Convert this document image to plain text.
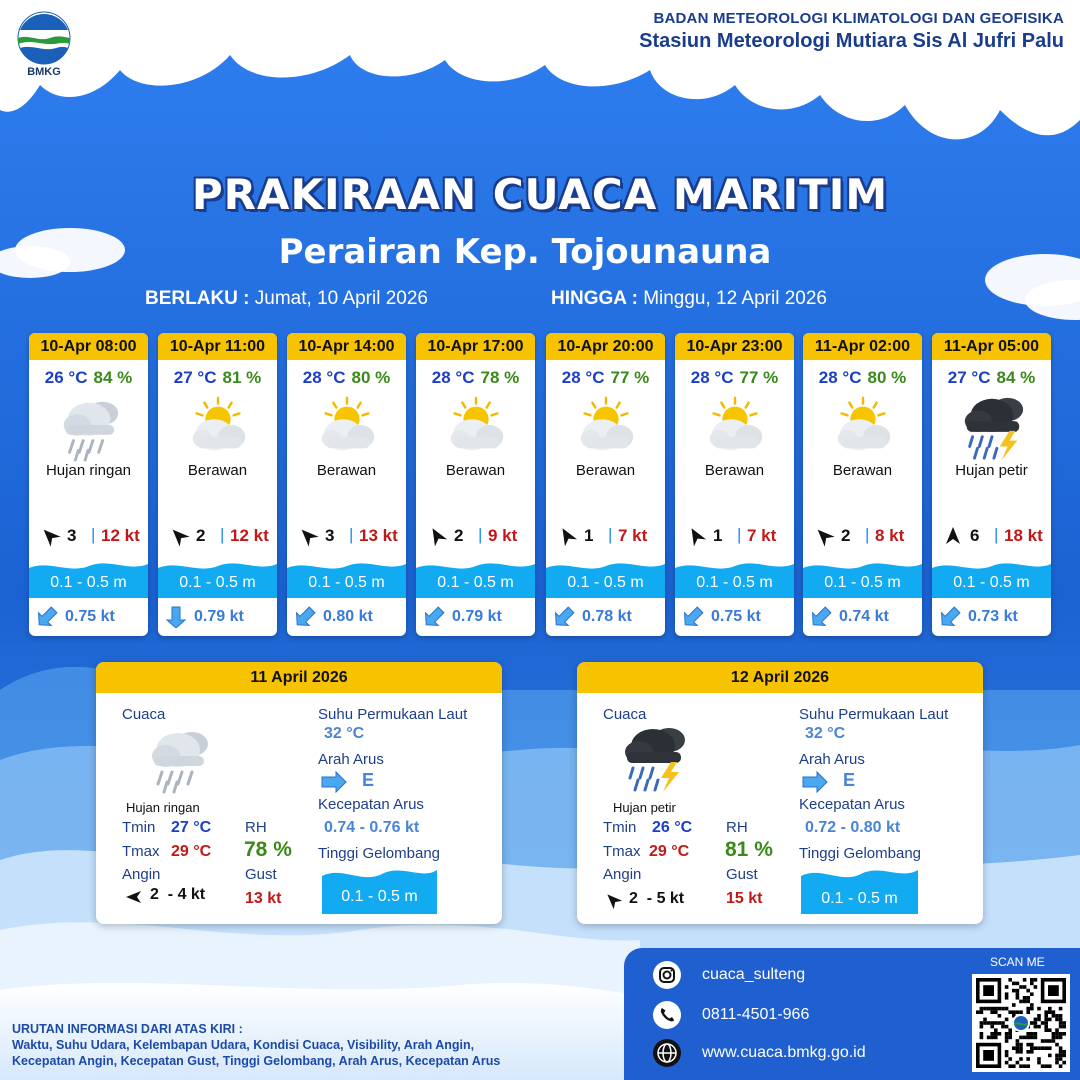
BMKG
BADAN METEOROLOGI KLIMATOLOGI DAN GEOFISIKA
Stasiun Meteorologi Mutiara Sis Al Jufri Palu
PRAKIRAAN CUACA MARITIM
Perairan Kep. Tojounauna
BERLAKU : Jumat, 10 April 2026	HINGGA : Minggu, 12 April 2026
10-Apr 08:00
26 °C 84 %
Hujan ringan
3 | 12 kt
0.1 - 0.5 m
0.75 kt
10-Apr 11:00
27 °C 81 %
Berawan
2 | 12 kt
0.1 - 0.5 m
0.79 kt
10-Apr 14:00
28 °C 80 %
Berawan
3 | 13 kt
0.1 - 0.5 m
0.80 kt
10-Apr 17:00
28 °C 78 %
Berawan
2 | 9 kt
0.1 - 0.5 m
0.79 kt
10-Apr 20:00
28 °C 77 %
Berawan
1 | 7 kt
0.1 - 0.5 m
0.78 kt
10-Apr 23:00
28 °C 77 %
Berawan
1 | 7 kt
0.1 - 0.5 m
0.75 kt
11-Apr 02:00
28 °C 80 %
Berawan
2 | 8 kt
0.1 - 0.5 m
0.74 kt
11-Apr 05:00
27 °C 84 %
Hujan petir
6 | 18 kt
0.1 - 0.5 m
0.73 kt
11 April 2026
Cuaca
Hujan ringan
Tmin 27 °C
Tmax 29 °C
Angin
2  - 4 kt
RH
78 %
Gust
13 kt
Suhu Permukaan Laut
32 °C
Arah Arus
E
Kecepatan Arus
0.74 - 0.76 kt
Tinggi Gelombang
0.1 - 0.5 m
12 April 2026
Cuaca
Hujan petir
Tmin 26 °C
Tmax 29 °C
Angin
2  - 5 kt
RH
81 %
Gust
15 kt
Suhu Permukaan Laut
32 °C
Arah Arus
E
Kecepatan Arus
0.72 - 0.80 kt
Tinggi Gelombang
0.1 - 0.5 m
URUTAN INFORMASI DARI ATAS KIRI :
Waktu, Suhu Udara, Kelembapan Udara, Kondisi Cuaca, Visibility, Arah Angin,
Kecepatan Angin, Kecepatan Gust, Tinggi Gelombang, Arah Arus, Kecepatan Arus
cuaca_sulteng
0811-4501-966
www.cuaca.bmkg.go.id
SCAN ME
